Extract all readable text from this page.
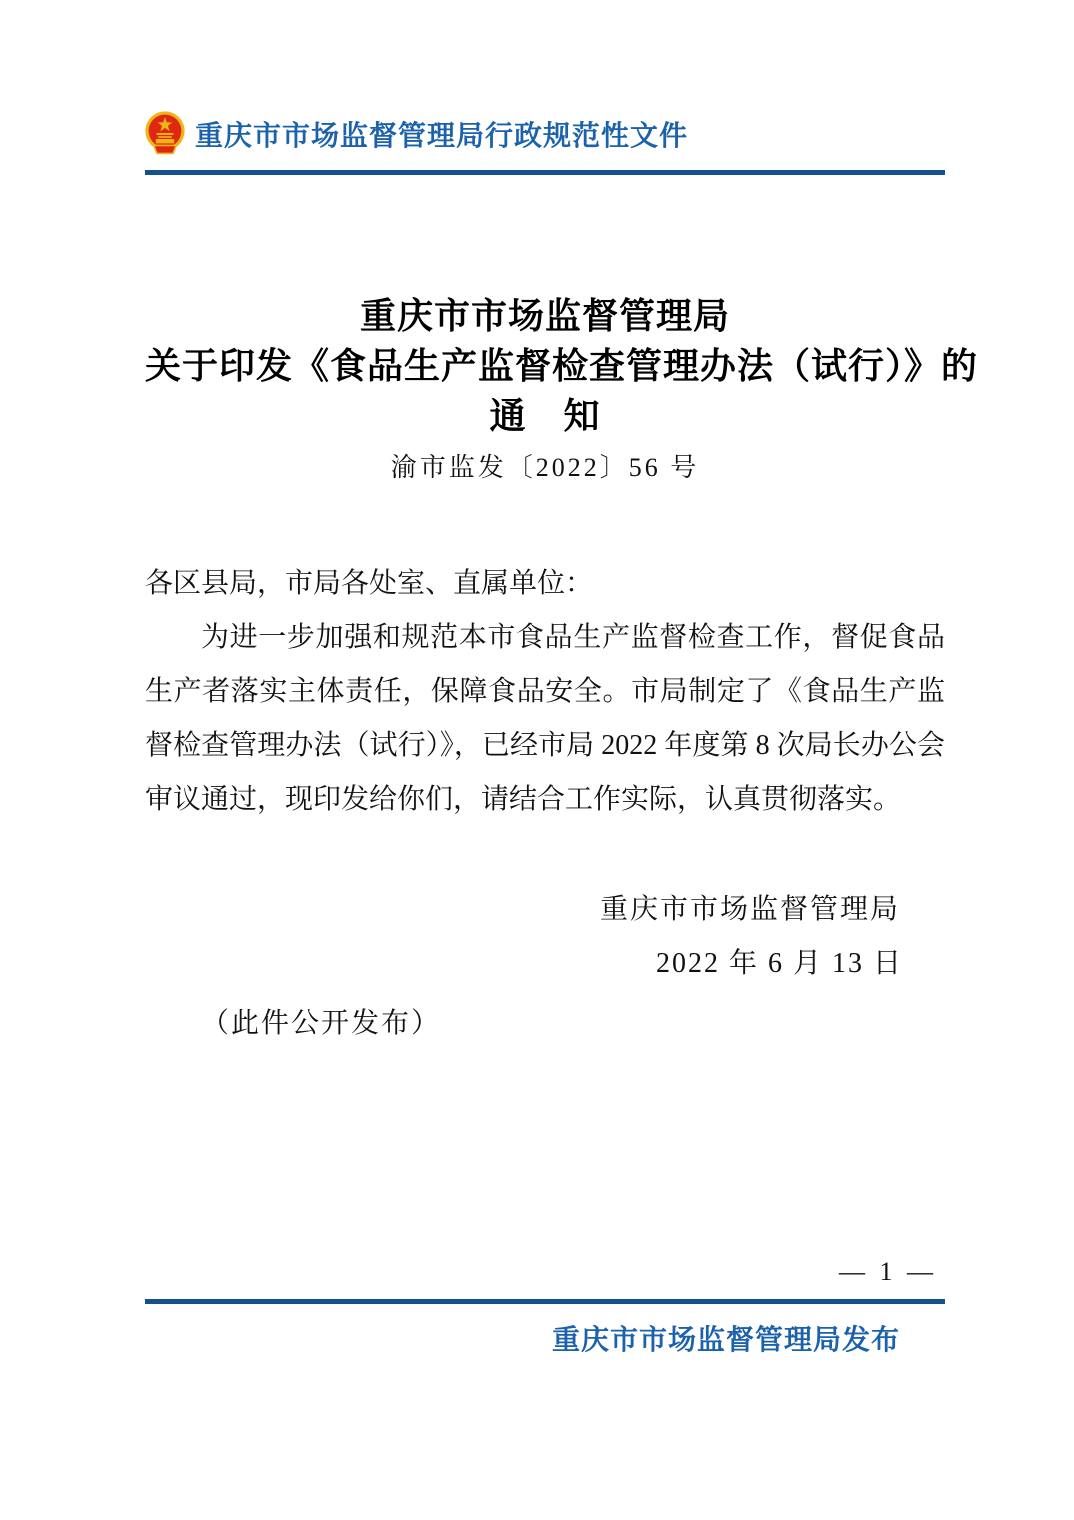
重庆市市场监督管理局行政规范性文件
重庆市市场监督管理局
关于印发《食品生产监督检查管理办法（试行）》的
通　知
渝市监发〔2022〕56 号
各区县局，市局各处室、直属单位：

为进一步加强和规范本市食品生产监督检查工作，督促食品生产者落实主体责任，保障食品安全。市局制定了《食品生产监督检查管理办法（试行）》，已经市局 2022 年度第 8 次局长办公会审议通过，现印发给你们，请结合工作实际，认真贯彻落实。

重庆市市场监督管理局
2022 年 6 月 13 日
（此件公开发布）
— 1 —
重庆市市场监督管理局发布
